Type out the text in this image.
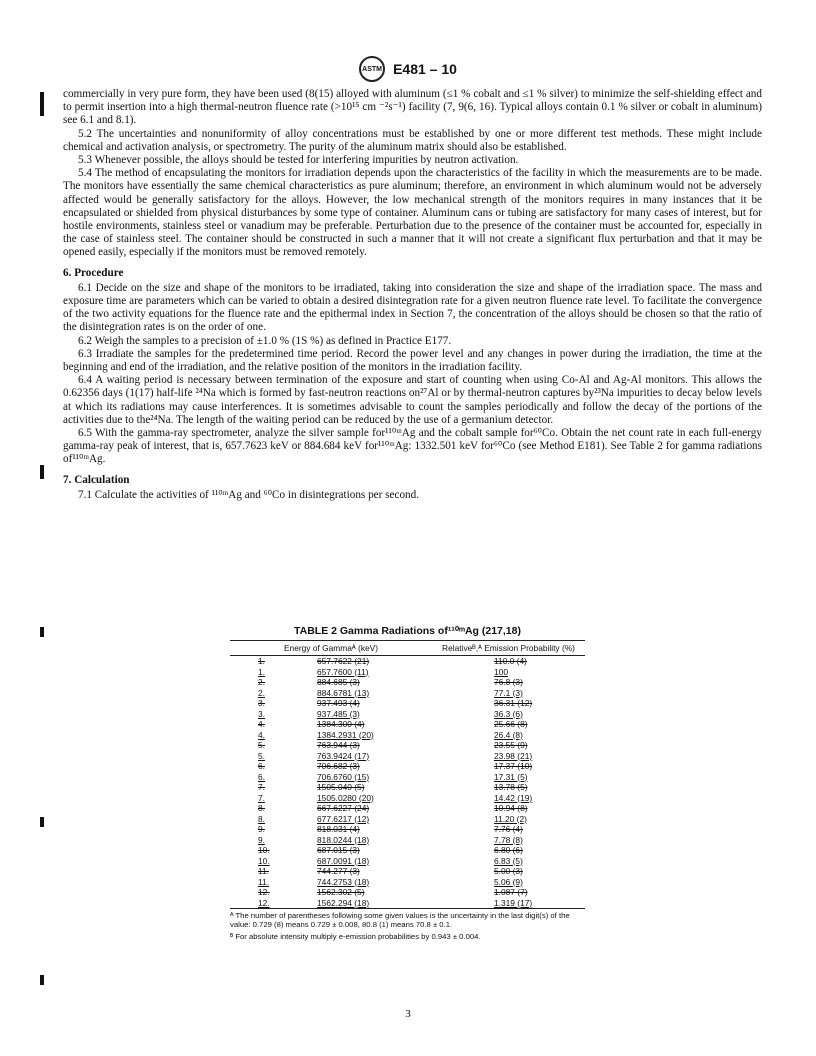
ASTM E481 – 10

commercially in very pure form, they have been used (8(15) alloyed with aluminum (≤1 % cobalt and ≤1 % silver) to minimize the self-shielding effect and to permit insertion into a high thermal-neutron fluence rate (>10¹⁵ cm ⁻²s⁻¹) facility (7, 9(6, 16). Typical alloys contain 0.1 % silver or cobalt in aluminum) see 6.1 and 8.1).

5.2 The uncertainties and nonuniformity of alloy concentrations must be established by one or more different test methods. These might include chemical and activation analysis, or spectrometry. The purity of the aluminum matrix should also be established.

5.3 Whenever possible, the alloys should be tested for interfering impurities by neutron activation.

5.4 The method of encapsulating the monitors for irradiation depends upon the characteristics of the facility in which the measurements are to be made. The monitors have essentially the same chemical characteristics as pure aluminum; therefore, an environment in which aluminum would not be adversely affected would be generally satisfactory for the alloys. However, the low mechanical strength of the monitors requires in many instances that it be encapsulated or shielded from physical disturbances by some type of container. Aluminum cans or tubing are satisfactory for many cases of interest, but for hostile environments, stainless steel or vanadium may be preferable. Perturbation due to the presence of the container must be accounted for, especially in the case of stainless steel. The container should be constructed in such a manner that it will not create a significant flux perturbation and that it may be opened easily, especially if the monitors must be removed remotely.

6. Procedure

6.1 Decide on the size and shape of the monitors to be irradiated, taking into consideration the size and shape of the irradiation space. The mass and exposure time are parameters which can be varied to obtain a desired disintegration rate for a given neutron fluence rate level. To facilitate the convergence of the two activity equations for the fluence rate and the epithermal index in Section 7, the concentration of the alloys should be chosen so that the ratio of the disintegration rates is on the order of one.

6.2 Weigh the samples to a precision of ±1.0 % (1S %) as defined in Practice E177.

6.3 Irradiate the samples for the predetermined time period. Record the power level and any changes in power during the irradiation, the time at the beginning and end of the irradiation, and the relative position of the monitors in the irradiation facility.

6.4 A waiting period is necessary between termination of the exposure and start of counting when using Co-Al and Ag-Al monitors. This allows the 0.62356 days (1(17) half-life ²⁴Na which is formed by fast-neutron reactions on²⁷Al or by thermal-neutron captures by²³Na impurities to decay below levels at which its radiations may cause interferences. It is sometimes advisable to count the samples periodically and follow the decay of the portions of the activities due to the²⁴Na. The length of the waiting period can be reduced by the use of a germanium detector.

6.5 With the gamma-ray spectrometer, analyze the silver sample for¹¹⁰ᵐAg and the cobalt sample for⁶⁰Co. Obtain the net count rate in each full-energy gamma-ray peak of interest, that is, 657.7623 keV or 884.684 keV for¹¹⁰ᵐAg: 1332.501 keV for⁶⁰Co (see Method E181). See Table 2 for gamma radiations of¹¹⁰ᵐAg.

7. Calculation

7.1 Calculate the activities of ¹¹⁰ᵐAg and ⁶⁰Co in disintegrations per second.

TABLE 2 Gamma Radiations of¹¹⁰ᵐAg (217,18)
Energy of Gammaᴬ (keV)		Relativeᴮ,ᴬ Emission Probability (%)
1.	657.7622 (21)	110.0 (4)
1.	657.7600 (11)	100
2.	884.685 (3)	76.8 (3)
2.	884.6781 (13)	77.1 (3)
3.	937.493 (4)	36.31 (12)
3.	937.485 (3)	36.3 (6)
4.	1384.300 (4)	25.66 (8)
4.	1384.2931 (20)	26.4 (8)
5.	763.944 (3)	23.55 (9)
5.	763.9424 (17)	23.98 (21)
6.	706.682 (3)	17.37 (10)
6.	706.6760 (15)	17.31 (5)
7.	1505.040 (5)	13.78 (5)
7.	1505.0280 (20)	14.42 (19)
8.	667.6227 (24)	10.94 (8)
8.	677.6217 (12)	11.20 (2)
9.	818.031 (4)	7.76 (4)
9.	818.0244 (18)	7.78 (8)
10.	687.015 (3)	6.80 (6)
10.	687.0091 (18)	6.83 (5)
11.	744.277 (3)	5.00 (3)
11.	744.2753 (18)	5.06 (9)
12.	1562.302 (5)	1.087 (7)
12.	1562.294 (18)	1.319 (17)
ᴬ The number of parentheses following some given values is the uncertainty in the last digit(s) of the value: 0.729 (8) means 0.729 ± 0.008, 80.8 (1) means 70.8 ± 0.1.
ᴮ For absolute intensity multiply e-emission probabilities by 0.943 ± 0.004.
3
